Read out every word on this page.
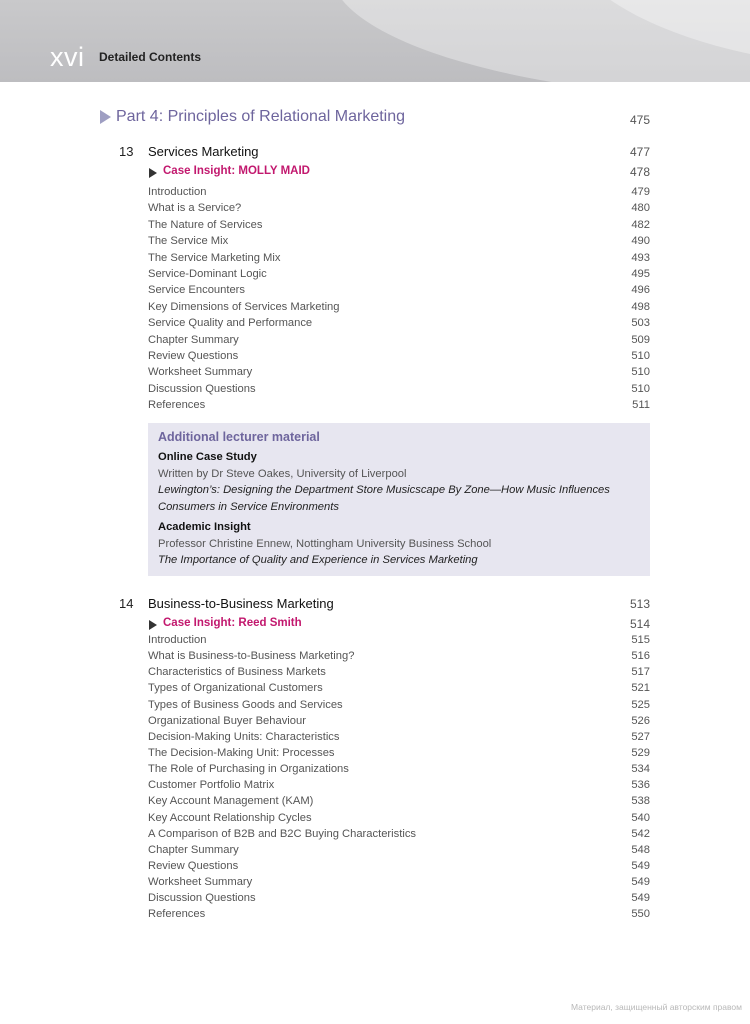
xvi Detailed Contents
Part 4: Principles of Relational Marketing	475
13 Services Marketing	477
Case Insight: MOLLY MAID	478
Introduction	479
What is a Service?	480
The Nature of Services	482
The Service Mix	490
The Service Marketing Mix	493
Service-Dominant Logic	495
Service Encounters	496
Key Dimensions of Services Marketing	498
Service Quality and Performance	503
Chapter Summary	509
Review Questions	510
Worksheet Summary	510
Discussion Questions	510
References	511
Additional lecturer material
Online Case Study
Written by Dr Steve Oakes, University of Liverpool
Lewington’s: Designing the Department Store Musicscape By Zone—How Music Influences
Consumers in Service Environments
Academic Insight
Professor Christine Ennew, Nottingham University Business School
The Importance of Quality and Experience in Services Marketing
14 Business-to-Business Marketing	513
Case Insight: Reed Smith	514
Introduction	515
What is Business-to-Business Marketing?	516
Characteristics of Business Markets	517
Types of Organizational Customers	521
Types of Business Goods and Services	525
Organizational Buyer Behaviour	526
Decision-Making Units: Characteristics	527
The Decision-Making Unit: Processes	529
The Role of Purchasing in Organizations	534
Customer Portfolio Matrix	536
Key Account Management (KAM)	538
Key Account Relationship Cycles	540
A Comparison of B2B and B2C Buying Characteristics	542
Chapter Summary	548
Review Questions	549
Worksheet Summary	549
Discussion Questions	549
References	550
Материал, защищенный авторским правом
